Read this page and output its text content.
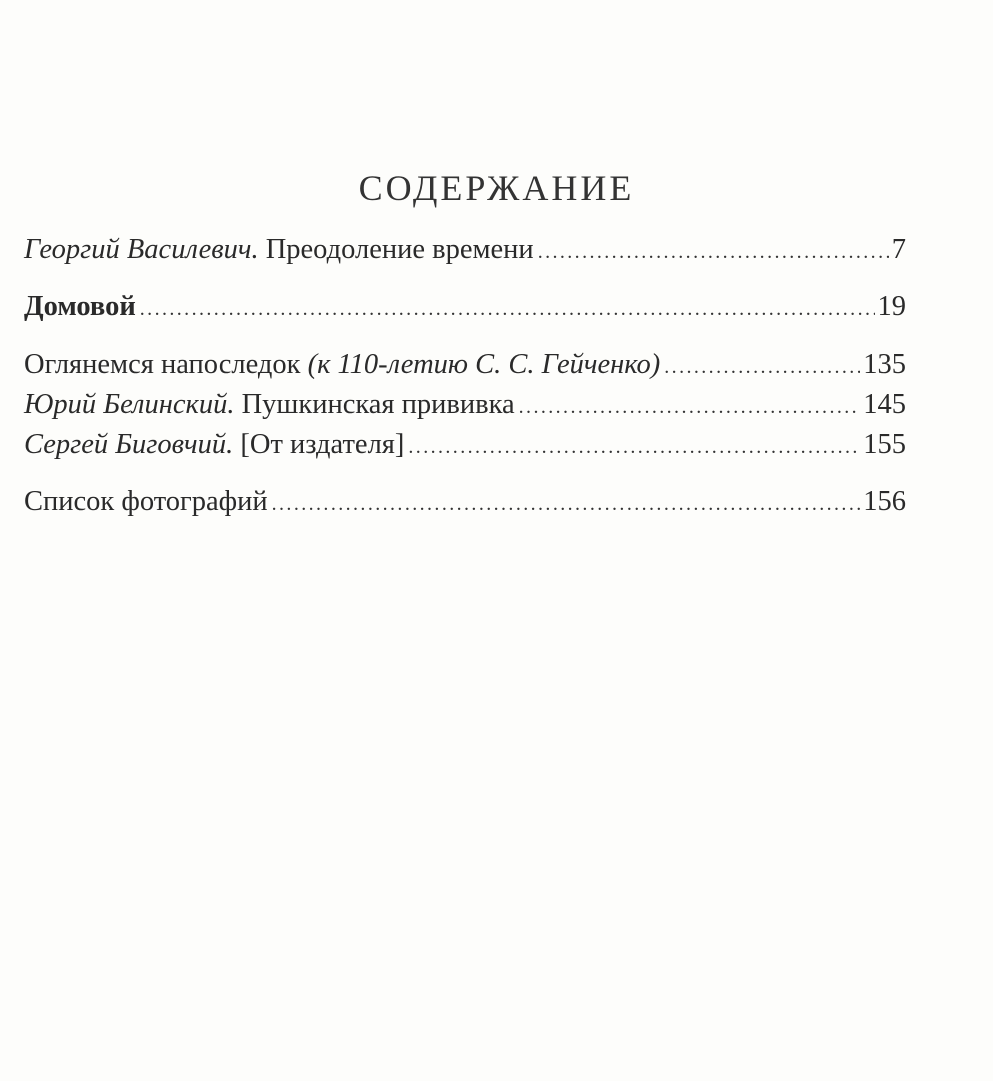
СОДЕРЖАНИЕ
Георгий Василевич. Преодоление времени .....	7
Домовой .....	19
Оглянемся напоследок (к 110-летию С. С. Гейченко) .....	135
Юрий Белинский. Пушкинская прививка .....	145
Сергей Биговчий. [От издателя] .....	155
Список фотографий .....	156
